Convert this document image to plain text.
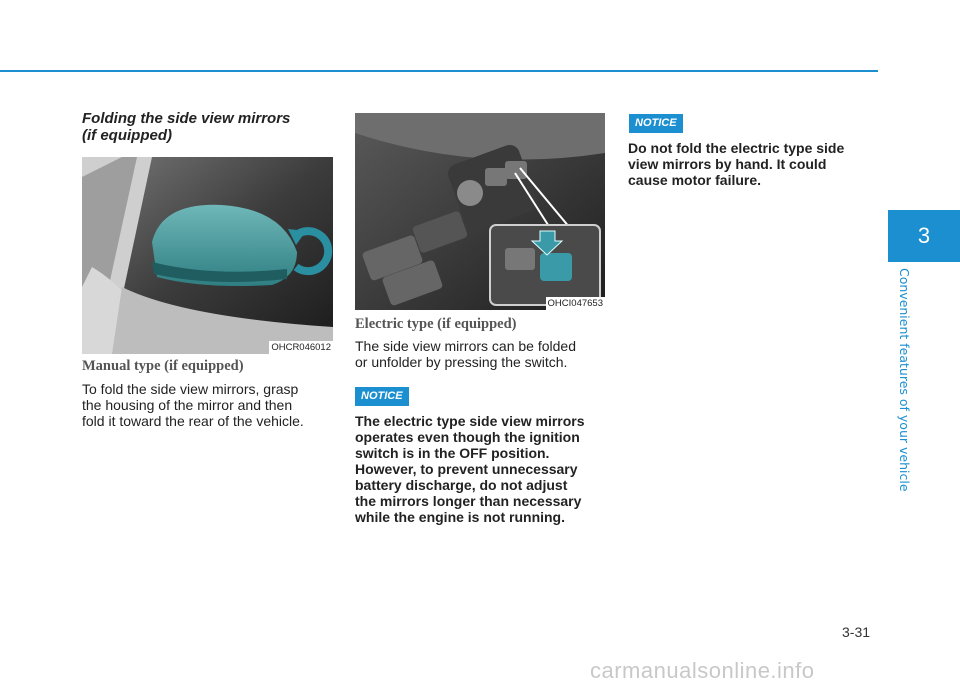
Folding the side view mirrors
(if equipped)
OHCR046012
Manual type (if equipped)
To fold the side view mirrors, grasp
the housing of the mirror and then
fold it toward the rear of the vehicle.
OHCI047653
Electric type (if equipped)
The side view mirrors can be folded
or unfolder by pressing the switch.
NOTICE
The electric type side view mirrors
operates even though the ignition
switch is in the OFF position.
However, to prevent unnecessary
battery discharge, do not adjust
the mirrors longer than necessary
while the engine is not running.
NOTICE
Do not fold the electric type side
view mirrors by hand. It could
cause motor failure.
3
Convenient features of your vehicle
3-31
carmanualsonline.info
